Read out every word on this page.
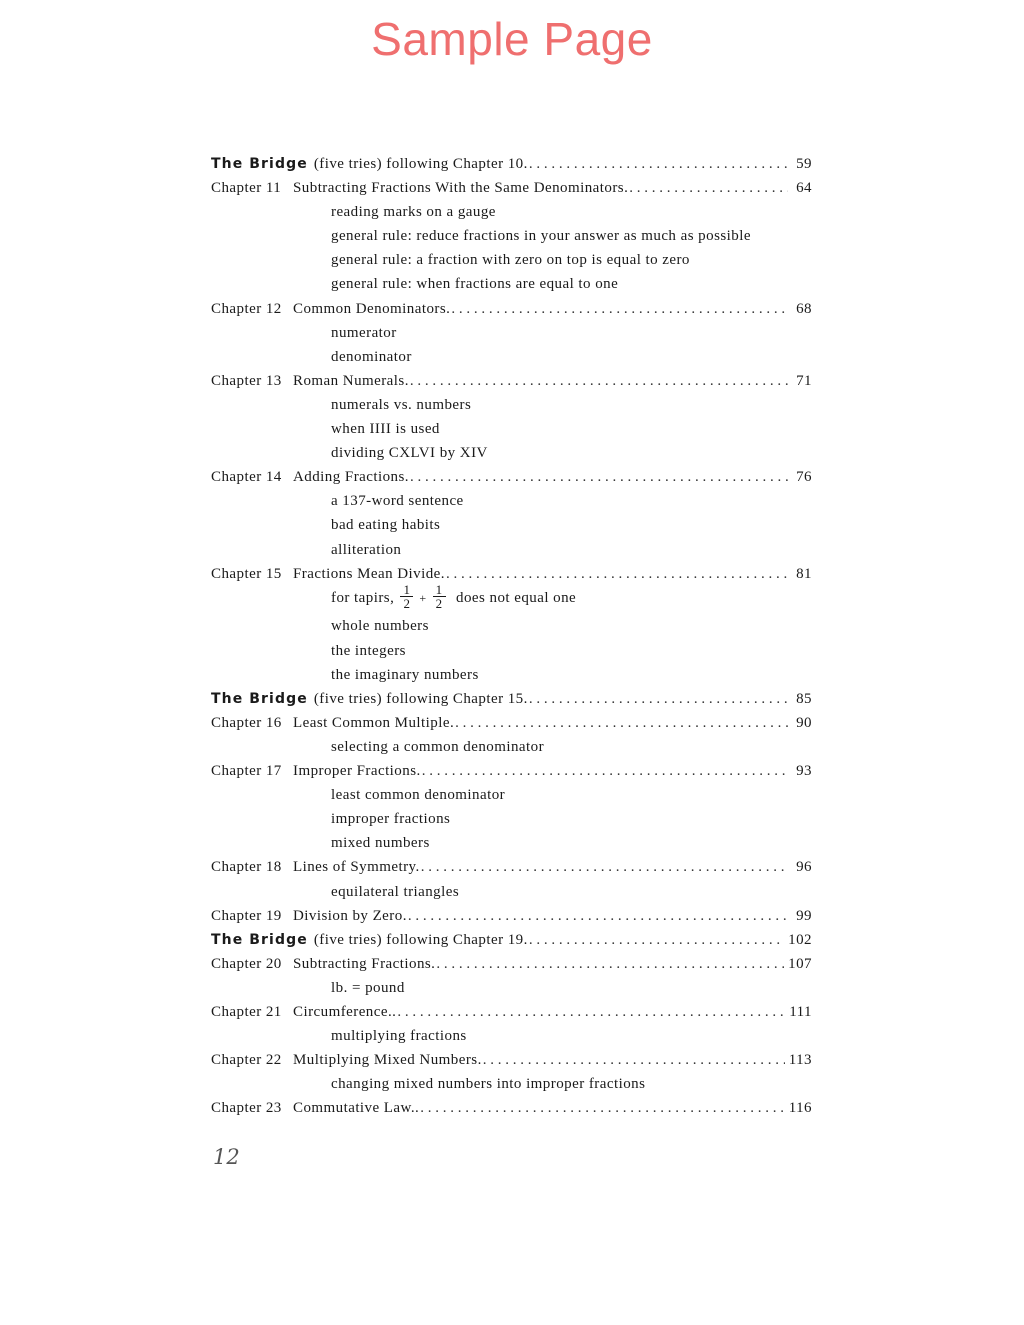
Sample Page
The Bridge (five tries) following Chapter 10. . . .	59
Chapter 11 Subtracting Fractions With the Same Denominators. . . .	64
reading marks on a gauge
general rule: reduce fractions in your answer as much as possible
general rule: a fraction with zero on top is equal to zero
general rule: when fractions are equal to one
Chapter 12 Common Denominators. . . .	68
numerator
denominator
Chapter 13 Roman Numerals. . . .	71
numerals vs. numbers
when IIII is used
dividing CXLVI by XIV
Chapter 14 Adding Fractions. . . .	76
a 137-word sentence
bad eating habits
alliteration
Chapter 15 Fractions Mean Divide. . . .	81
for tapirs, $\frac{1}{2} + \frac{1}{2}$ does not equal one
whole numbers
the integers
the imaginary numbers
The Bridge (five tries) following Chapter 15. . . .	85
Chapter 16 Least Common Multiple. . . .	90
selecting a common denominator
Chapter 17 Improper Fractions. . . .	93
least common denominator
improper fractions
mixed numbers
Chapter 18 Lines of Symmetry. . . .	96
equilateral triangles
Chapter 19 Division by Zero. . . .	99
The Bridge (five tries) following Chapter 19. . . .	102
Chapter 20 Subtracting Fractions. . . .	107
lb. = pound
Chapter 21 Circumference.. . . .	111
multiplying fractions
Chapter 22 Multiplying Mixed Numbers. . . .	113
changing mixed numbers into improper fractions
Chapter 23 Commutative Law.. . . .	116
12
